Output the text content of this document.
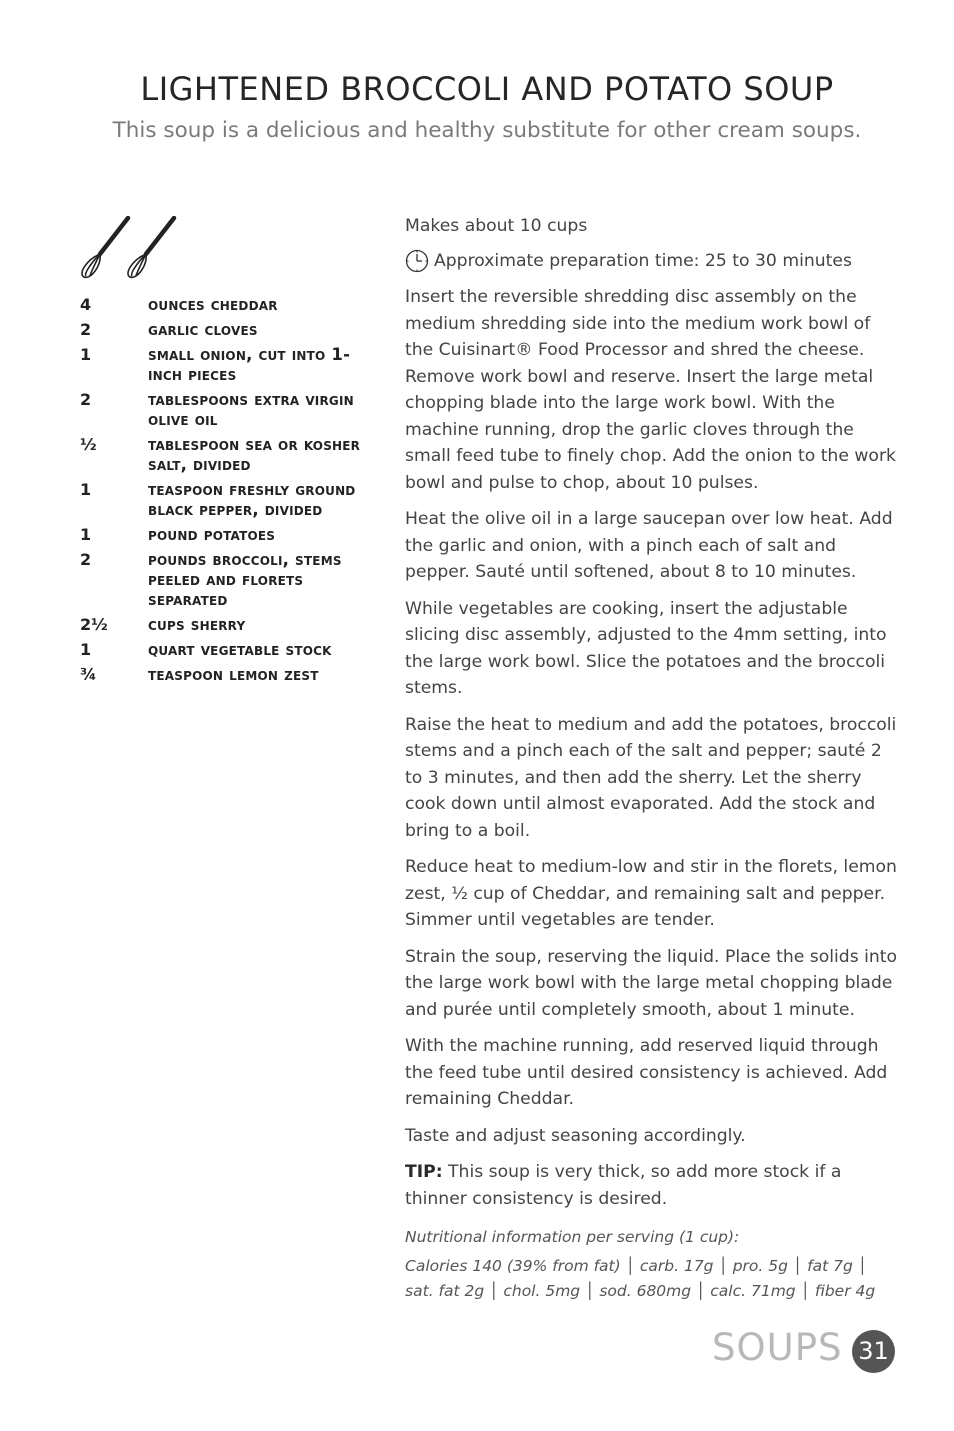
LIGHTENED BROCCOLI AND POTATO SOUP

This soup is a delicious and healthy substitute for other cream soups.

4	ounces cheddar
2	garlic cloves
1	small onion, cut into 1-inch pieces
2	tablespoons extra virgin olive oil
½	tablespoon sea or kosher salt, divided
1	teaspoon freshly ground black pepper, divided
1	pound potatoes
2	pounds broccoli, stems peeled and florets separated
2½	cups sherry
1	quart vegetable stock
¾	teaspoon lemon zest

Makes about 10 cups

Approximate preparation time: 25 to 30 minutes

Insert the reversible shredding disc assembly on the medium shredding side into the medium work bowl of the Cuisinart® Food Processor and shred the cheese. Remove work bowl and reserve. Insert the large metal chopping blade into the large work bowl. With the machine running, drop the garlic cloves through the small feed tube to finely chop. Add the onion to the work bowl and pulse to chop, about 10 pulses.

Heat the olive oil in a large saucepan over low heat. Add the garlic and onion, with a pinch each of salt and pepper. Sauté until softened, about 8 to 10 minutes.

While vegetables are cooking, insert the adjustable slicing disc assembly, adjusted to the 4mm setting, into the large work bowl. Slice the potatoes and the broccoli stems.

Raise the heat to medium and add the potatoes, broccoli stems and a pinch each of the salt and pepper; sauté 2 to 3 minutes, and then add the sherry. Let the sherry cook down until almost evaporated. Add the stock and bring to a boil.

Reduce heat to medium-low and stir in the florets, lemon zest, ½ cup of Cheddar, and remaining salt and pepper. Simmer until vegetables are tender.

Strain the soup, reserving the liquid. Place the solids into the large work bowl with the large metal chopping blade and purée until completely smooth, about 1 minute.

With the machine running, add reserved liquid through the feed tube until desired consistency is achieved. Add remaining Cheddar.

Taste and adjust seasoning accordingly.

TIP: This soup is very thick, so add more stock if a thinner consistency is desired.

Nutritional information per serving (1 cup):

Calories 140 (39% from fat) │ carb. 17g │ pro. 5g │ fat 7g │
sat. fat 2g │ chol. 5mg │ sod. 680mg │ calc. 71mg │ fiber 4g

SOUPS 31
